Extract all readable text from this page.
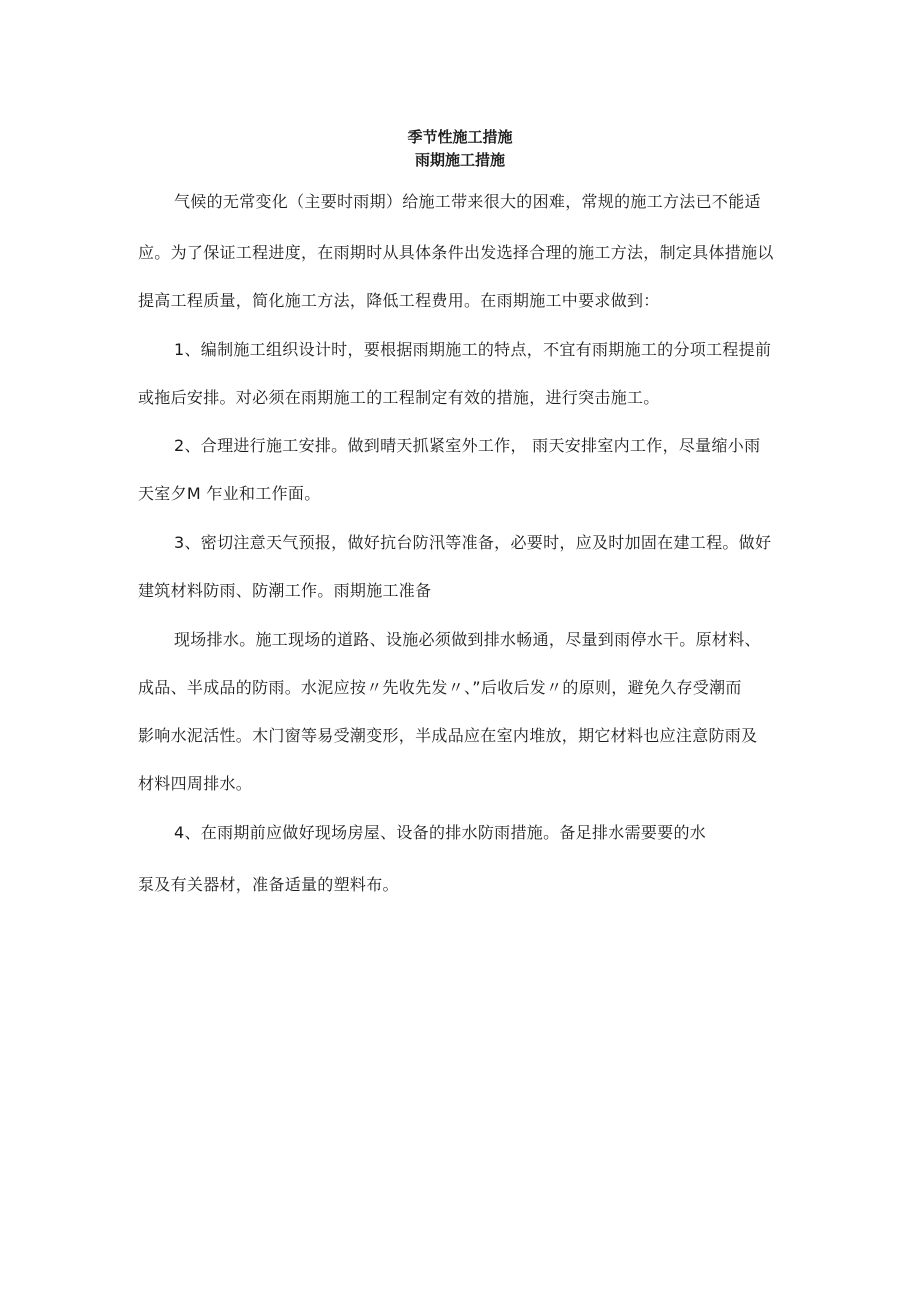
季节性施工措施
雨期施工措施
气候的无常变化（主要时雨期）给施工带来很大的困难，常规的施工方法已不能适
应。为了保证工程进度，在雨期时从具体条件出发选择合理的施工方法，制定具体措施以
提高工程质量，简化施工方法，降低工程费用。在雨期施工中要求做到：
1、编制施工组织设计时，要根据雨期施工的特点，不宜有雨期施工的分项工程提前
或拖后安排。对必须在雨期施工的工程制定有效的措施，进行突击施工。
2、合理进行施工安排。做到晴天抓紧室外工作， 雨天安排室内工作，尽量缩小雨
天室夕M 乍业和工作面。
3、密切注意天气预报，做好抗台防汛等准备，必要时，应及时加固在建工程。做好
建筑材料防雨、防潮工作。雨期施工准备
现场排水。施工现场的道路、设施必须做到排水畅通，尽量到雨停水干。原材料、
成品、半成品的防雨。水泥应按〃先收先发〃、”后收后发〃的原则，避免久存受潮而
影响水泥活性。木门窗等易受潮变形，半成品应在室内堆放，期它材料也应注意防雨及
材料四周排水。
4、在雨期前应做好现场房屋、设备的排水防雨措施。备足排水需要要的水
泵及有关器材，准备适量的塑料布。
